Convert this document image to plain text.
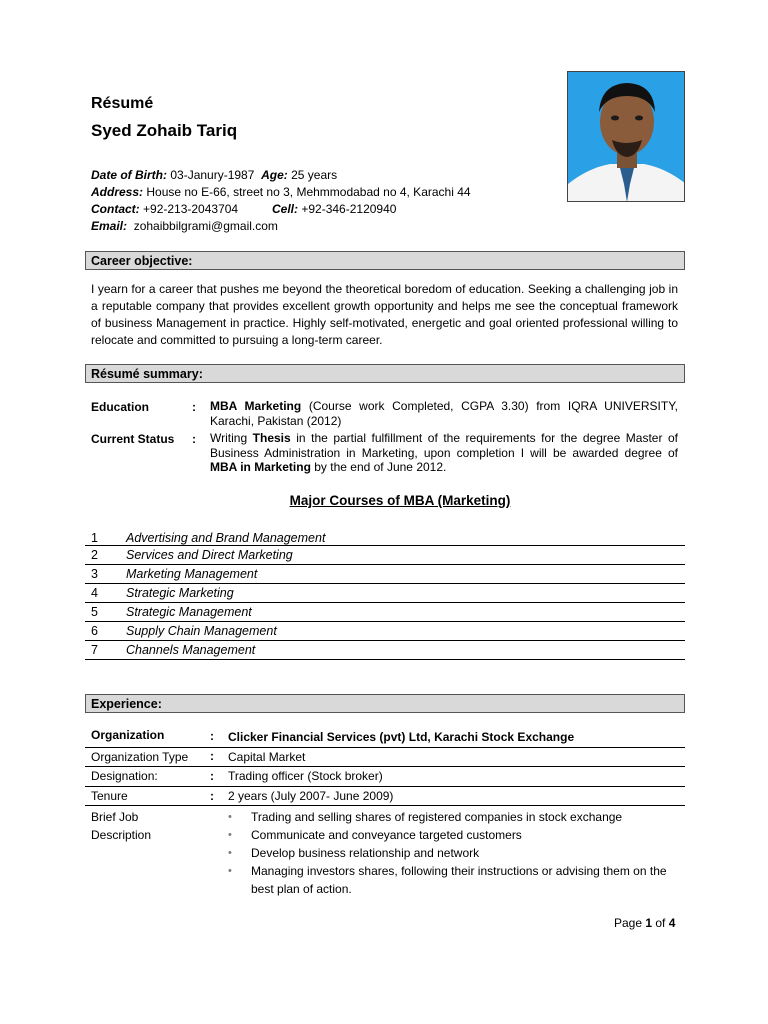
Résumé
Syed Zohaib Tariq
Date of Birth: 03-Janury-1987 Age: 25 years
Address: House no E-66, street no 3, Mehmmodabad no 4, Karachi 44
Contact: +92-213-2043704	Cell: +92-346-2120940
Email: zohaibbilgrami@gmail.com
Career objective:
I yearn for a career that pushes me beyond the theoretical boredom of education. Seeking a challenging job in a reputable company that provides excellent growth opportunity and helps me see the conceptual framework of business Management in practice. Highly self-motivated, energetic and goal oriented professional willing to relocate and committed to pursuing a long-term career.
Résumé summary:
Education	: MBA Marketing (Course work Completed, CGPA 3.30) from IQRA UNIVERSITY, Karachi, Pakistan (2012)
Current Status : Writing Thesis in the partial fulfillment of the requirements for the degree Master of Business Administration in Marketing, upon completion I will be awarded degree of MBA in Marketing by the end of June 2012.
Major Courses of MBA (Marketing)
1 Advertising and Brand Management
2 Services and Direct Marketing
3 Marketing Management
4 Strategic Marketing
5 Strategic Management
6 Supply Chain Management
7 Channels Management
Experience:
Organization	: Clicker Financial Services (pvt) Ltd, Karachi Stock Exchange
Organization Type : Capital Market
Designation:	: Trading officer (Stock broker)
Tenure	: 2 years (July 2007- June 2009)
Brief Job
Description
• Trading and selling shares of registered companies in stock exchange
• Communicate and conveyance targeted customers
• Develop business relationship and network
• Managing investors shares, following their instructions or advising them on the best plan of action.
Page 1 of 4
